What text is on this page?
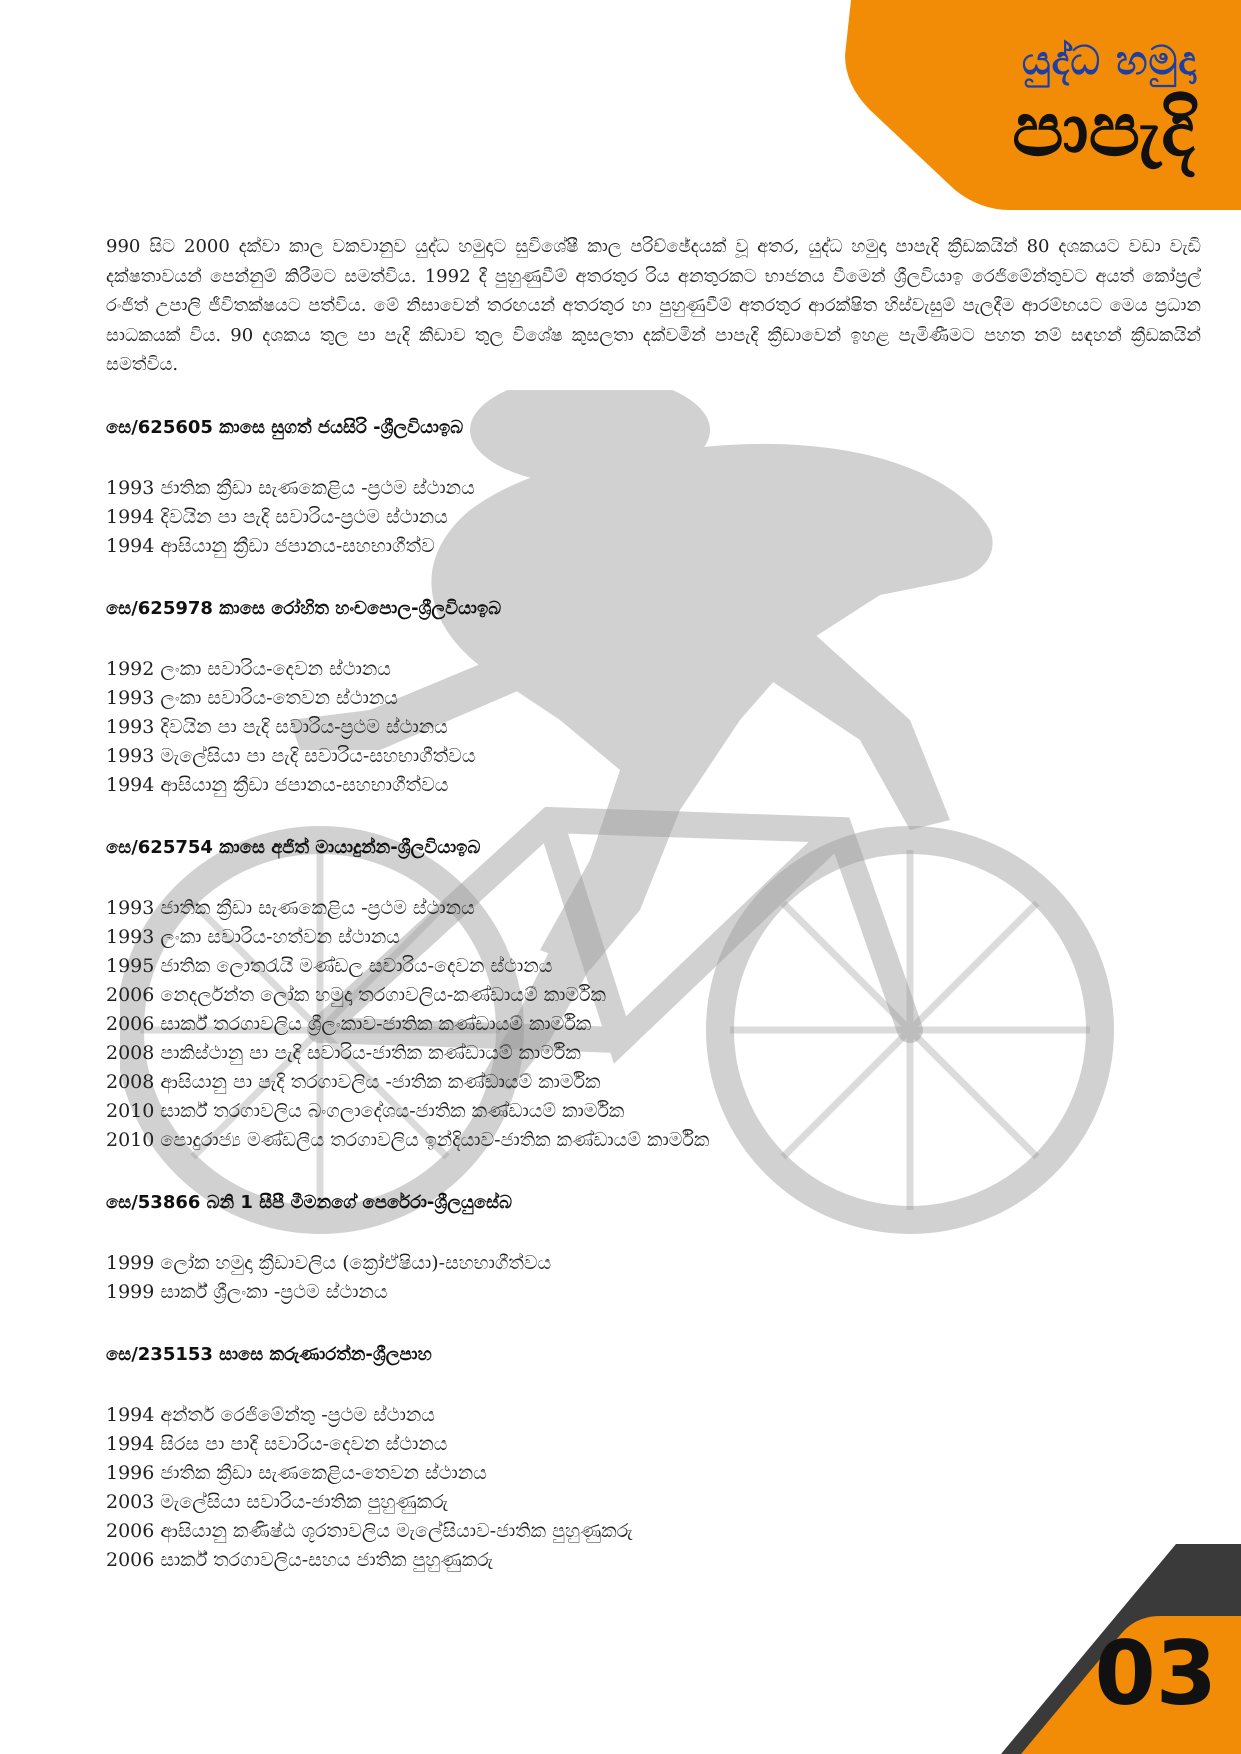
යුද්ධ හමුදා
පාපැදි

990 සිට 2000 දක්වා කාල වකවානුව යුද්ධ හමුදාට සුවිශේෂී කාල පරිච්ඡේදයක් වූ අතර, යුද්ධ හමුදා පාපැදි ක්‍රීඩකයින් 80 දශකයට වඩා වැඩි දක්ෂතාවයන් පෙන්නුම් කිරීමට සමත්විය. 1992 දී පුහුණුවීම් අතරතුර රිය අනතුරකට භාජනය වීමෙන් ශ්‍රීලවියාඉ රෙජිමේන්තුවට අයත් කෝප්‍රල් රංජිත් උපාලි ජීවිතක්ෂයට පත්විය. මේ නිසාවෙන් තරඟයන් අතරතුර හා පුහුණුවීම් අතරතුර ආරක්ෂිත හිස්වැසුම් පැලදීම ආරම්භයට මෙය ප්‍රධාන සාධකයක් විය. 90 දශකය තුල පා පැදි කීඩාව තුල විශේෂ කුසලතා දක්වමින් පාපැදි ක්‍රීඩාවෙන් ඉහළ පැමිණීමට පහත නම් සඳහන් ක්‍රීඩකයින් සමත්විය.

සෙ/625605 කාසෙ සුගත් ජයසිරි -ශ්‍රීලවියාඉබ
1993 ජාතික ක්‍රීඩා සැණකෙළිය -ප්‍රථම ස්ථානය
1994 දිවයින පා පැදි සවාරිය-ප්‍රථම ස්ථානය
1994 ආසියානු ක්‍රීඩා ජපානය-සහභාගීත්ව
සෙ/625978 කාසෙ රෝහිත හංචපොල-ශ්‍රීලවියාඉබ
1992 ලංකා සවාරිය-දෙවන ස්ථානය
1993 ලංකා සවාරිය-තෙවන ස්ථානය
1993 දිවයින පා පැදි සවාරිය-ප්‍රථම ස්ථානය
1993 මැලේසියා පා පැදි සවාරිය-සහභාගීත්වය
1994 ආසියානු ක්‍රීඩා ජපානය-සහභාගීත්වය
සෙ/625754 කාසෙ අජිත් මායාදුන්න-ශ්‍රීලවියාඉබ
1993 ජාතික ක්‍රීඩා සැණකෙළිය -ප්‍රථම ස්ථානය
1993 ලංකා සවාරිය-හත්වන ස්ථානය
1995 ජාතික ලොතරැයි මණ්ඩල සවාරිය-දෙවන ස්ථානය
2006 නෙදර්ලන්ත ලෝක හමුදා තරගාවලිය-කණ්ඩායම් කාර්මික
2006 සාර්ක් තරගාවලිය ශ්‍රීලංකාව-ජාතික කණ්ඩායම් කාර්මික
2008 පාකිස්ථානු පා පැදි සවාරිය-ජාතික කණ්ඩායම් කාර්මික
2008 ආසියානු පා පැදි තරගාවලිය -ජාතික කණ්ඩායම් කාර්මික
2010 සාර්ක් තරගාවලිය බංගලාදේශය-ජාතික කණ්ඩායම් කාර්මික
2010 පොදුරාජ්‍ය මණ්ඩලීය තරගාවලිය ඉන්දියාව-ජාතික කණ්ඩායම් කාර්මික
සෙ/53866 බනි 1 සීපී මීමනගේ පෙරේරා-ශ්‍රීලයුසේබ
1999 ලෝක හමුදා ක්‍රීඩාවලිය (ක්‍රෝඒෂියා)-සහභාගීත්වය
1999 සාර්ක් ශ්‍රීලංකා -ප්‍රථම ස්ථානය
සෙ/235153 සාසෙ කරුණාරත්න-ශ්‍රීලපාහ
1994 අන්තර් රෙජිමේන්තු -ප්‍රථම ස්ථානය
1994 සිරස පා පාදි සවාරිය-දෙවන ස්ථානය
1996 ජාතික ක්‍රීඩා සැණකෙළිය-තෙවන ස්ථානය
2003 මැලේසියා සවාරිය-ජාතික පුහුණුකරු
2006 ආසියානු කණිෂ්ඨ ශූරතාවලිය මැලේසියාව-ජාතික පුහුණුකරු
2006 සාර්ක් තරගාවලිය-සහය ජාතික පුහුණුකරු
03
